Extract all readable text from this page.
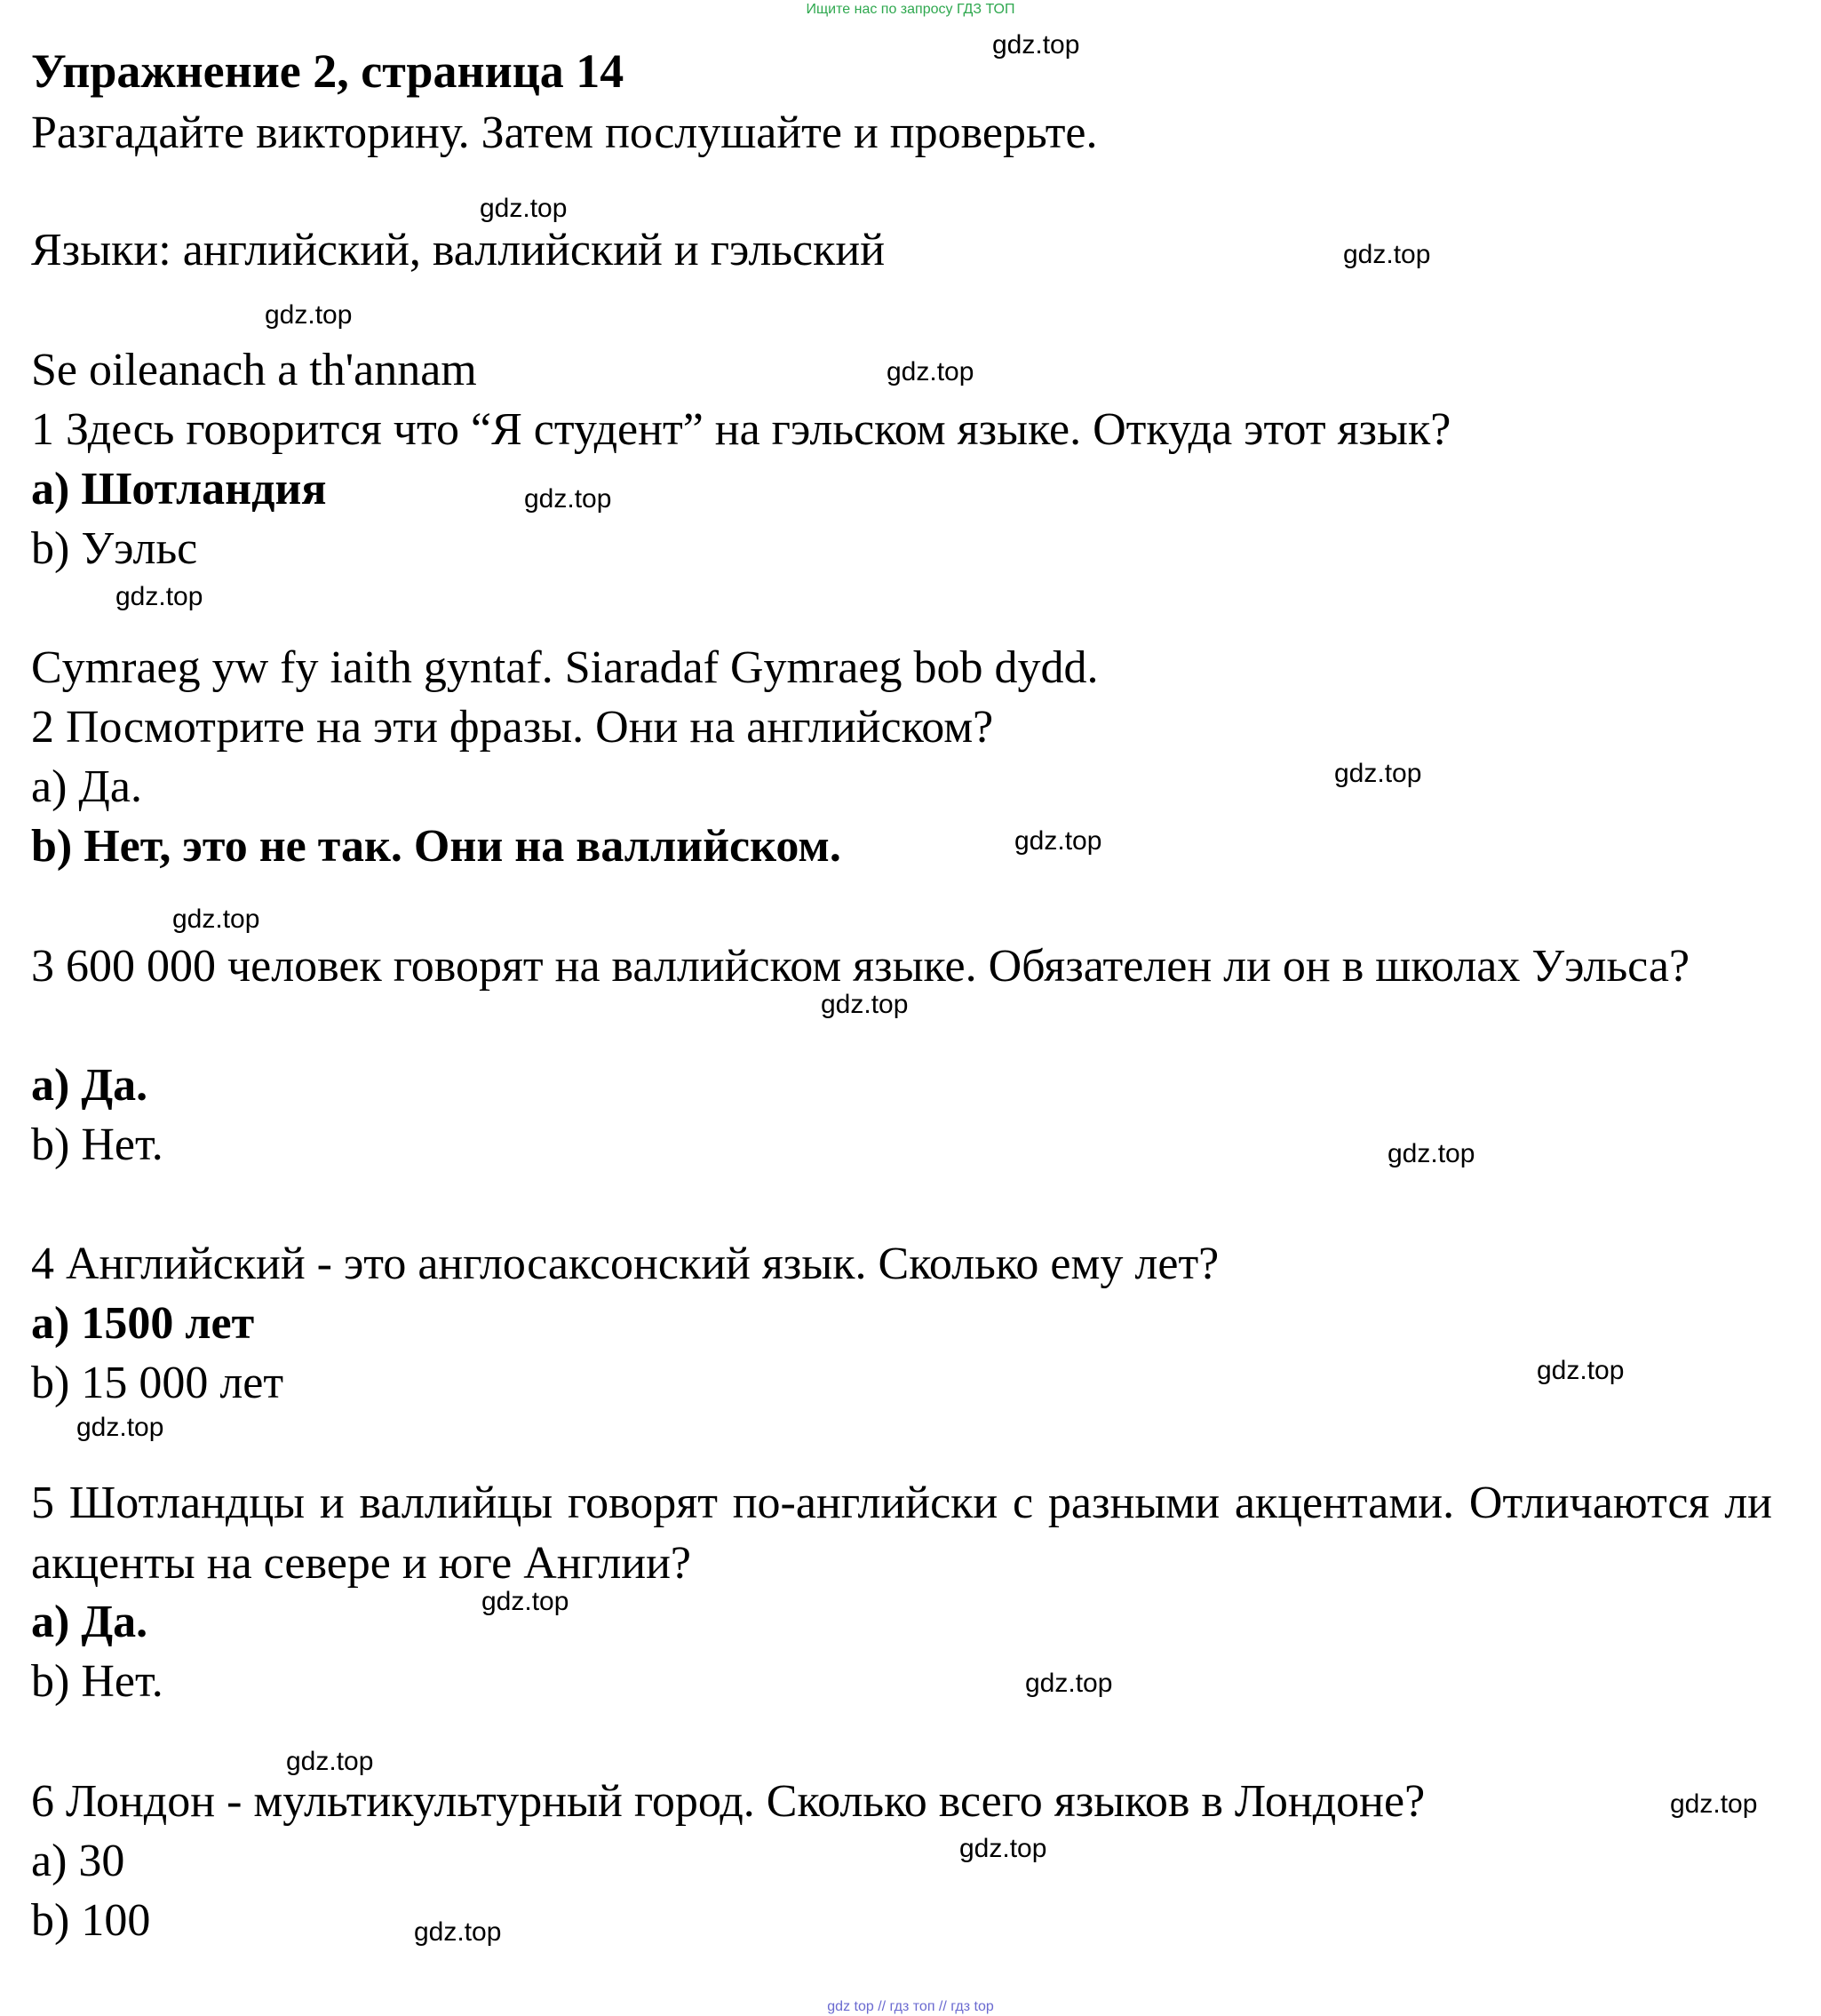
Ищите нас по запросу ГДЗ ТОП
Упражнение 2, страница 14

Разгадайте викторину. Затем послушайте и проверьте.

Языки: английский, валлийский и гэльский

Se oileanach a th'annam

1 Здесь говорится что “Я студент” на гэльском языке. Откуда этот язык?

a) Шотландия

b) Уэльс

Cymraeg yw fy iaith gyntaf. Siaradaf Gymraeg bob dydd.

2 Посмотрите на эти фразы. Они на английском?

a) Да.

b) Нет, это не так. Они на валлийском.

3 600 000 человек говорят на валлийском языке. Обязателен ли он в школах Уэльса?

a) Да.

b) Нет.

4 Английский - это англосаксонский язык. Сколько ему лет?

a) 1500 лет

b) 15 000 лет

5 Шотландцы и валлийцы говорят по-английски с разными акцентами. Отличаются ли акценты на севере и юге Англии?

a) Да.

b) Нет.

6 Лондон - мультикультурный город. Сколько всего языков в Лондоне?

a) 30

b) 100

gdz.top
gdz.top
gdz.top
gdz.top
gdz.top
gdz.top
gdz.top
gdz.top
gdz.top
gdz.top
gdz.top
gdz.top
gdz.top
gdz.top
gdz.top
gdz.top
gdz.top
gdz.top
gdz.top
gdz.top
gdz top // гдз топ // гдз top
